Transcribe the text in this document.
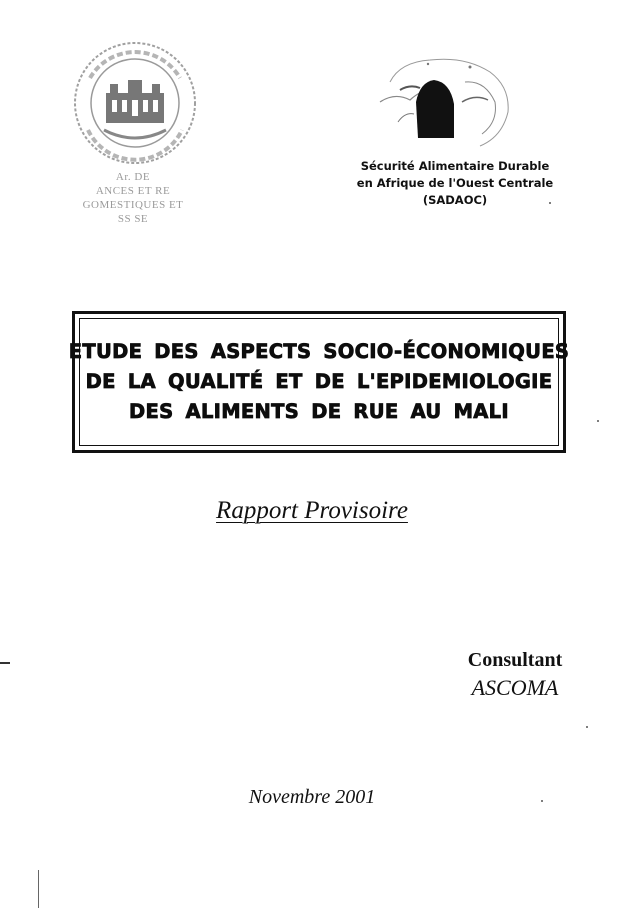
Ar. DE
ANCES ET RE
GOMESTIQUES ET
SS SE
Sécurité Alimentaire Durable
en Afrique de l'Ouest Centrale
(SADAOC)
ETUDE DES ASPECTS SOCIO-ÉCONOMIQUES
DE LA QUALITÉ ET DE L'EPIDEMIOLOGIE
DES ALIMENTS DE RUE AU MALI
Rapport Provisoire
Consultant
ASCOMA
Novembre 2001
